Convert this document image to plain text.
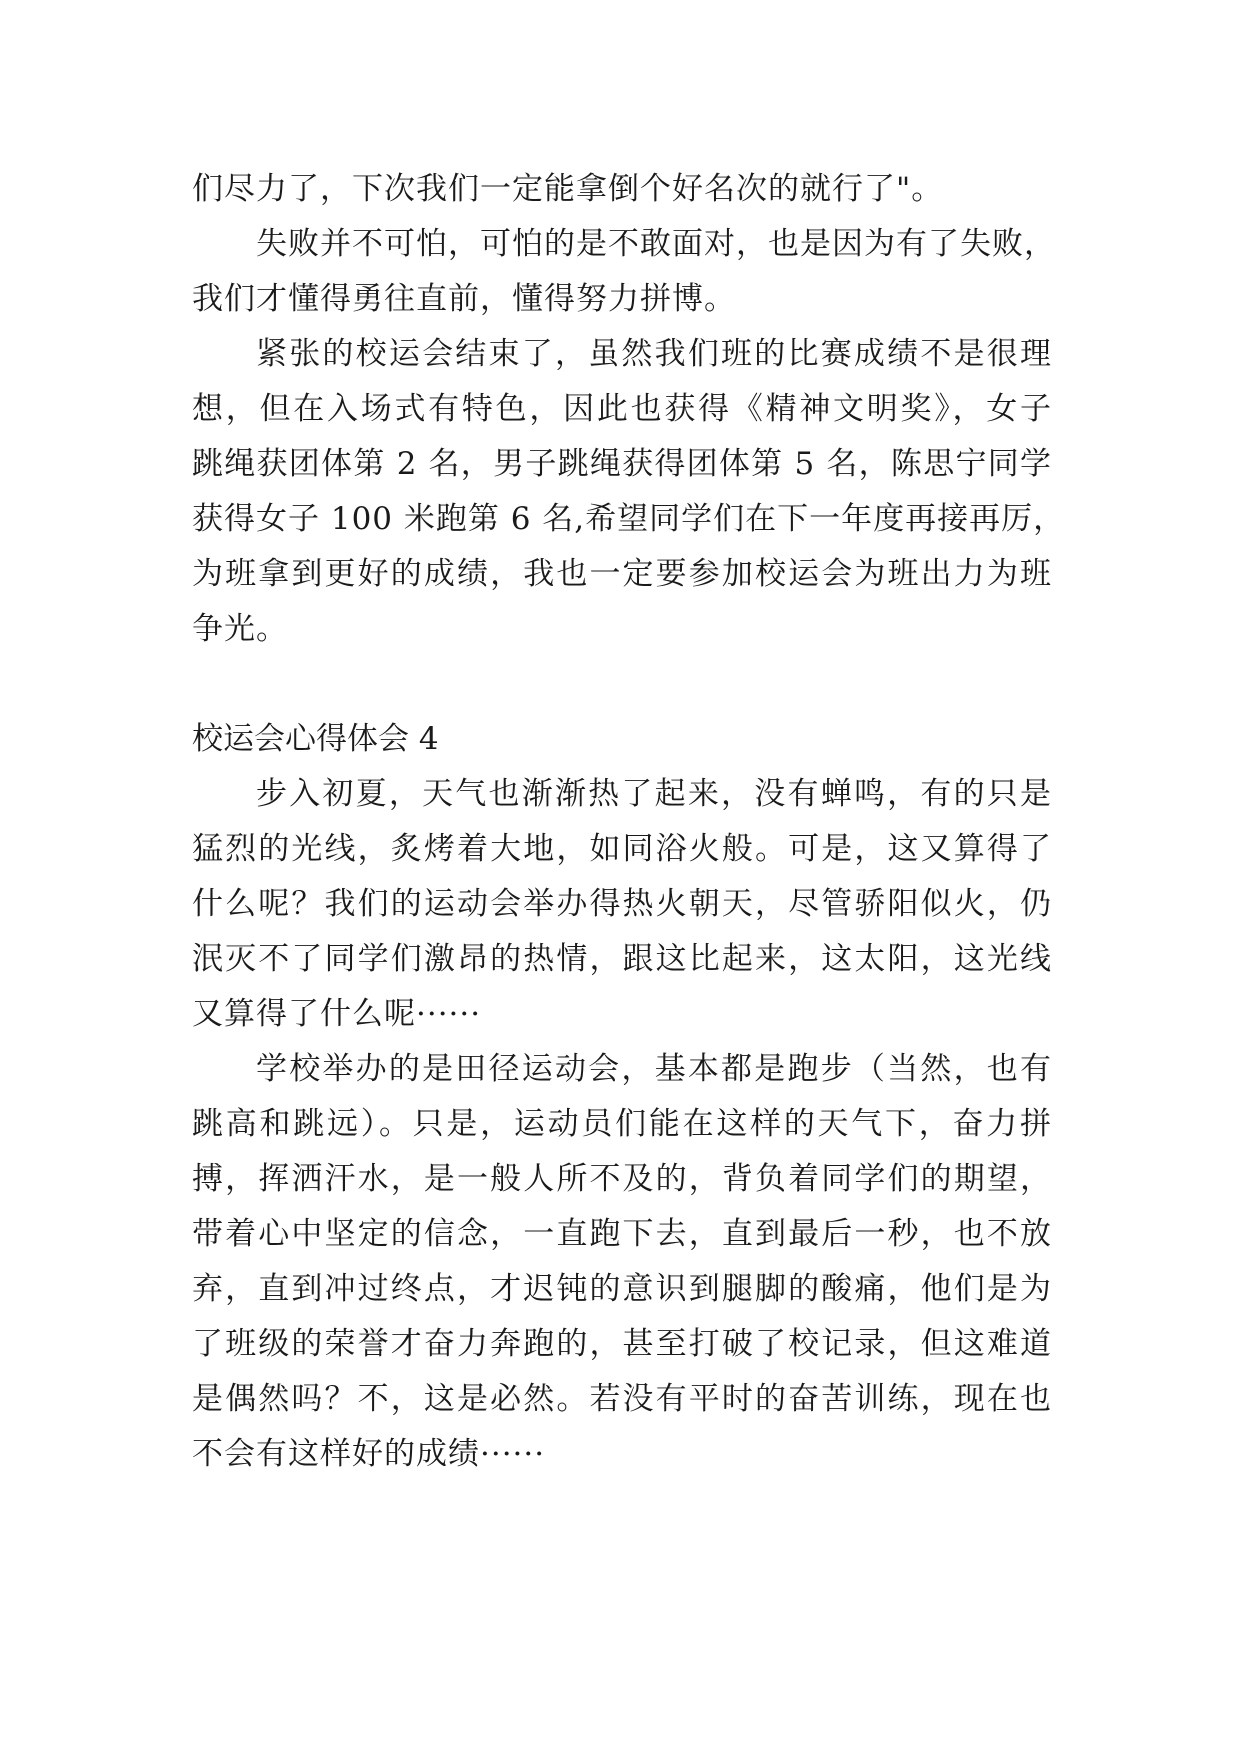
们尽力了，下次我们一定能拿倒个好名次的就行了"。
失败并不可怕，可怕的是不敢面对，也是因为有了失败，
我们才懂得勇往直前，懂得努力拼博。
紧张的校运会结束了，虽然我们班的比赛成绩不是很理
想，但在入场式有特色，因此也获得《精神文明奖》，女子
跳绳获团体第 2 名，男子跳绳获得团体第 5 名，陈思宁同学
获得女子 100 米跑第 6 名,希望同学们在下一年度再接再厉，
为班拿到更好的成绩，我也一定要参加校运会为班出力为班
争光。
校运会心得体会 4
步入初夏，天气也渐渐热了起来，没有蝉鸣，有的只是
猛烈的光线，炙烤着大地，如同浴火般。可是，这又算得了
什么呢？我们的运动会举办得热火朝天，尽管骄阳似火，仍
泯灭不了同学们激昂的热情，跟这比起来，这太阳，这光线
又算得了什么呢······
学校举办的是田径运动会，基本都是跑步（当然，也有
跳高和跳远）。只是，运动员们能在这样的天气下，奋力拼
搏，挥洒汗水，是一般人所不及的，背负着同学们的期望，
带着心中坚定的信念，一直跑下去，直到最后一秒，也不放
弃，直到冲过终点，才迟钝的意识到腿脚的酸痛，他们是为
了班级的荣誉才奋力奔跑的，甚至打破了校记录，但这难道
是偶然吗？不，这是必然。若没有平时的奋苦训练，现在也
不会有这样好的成绩······
